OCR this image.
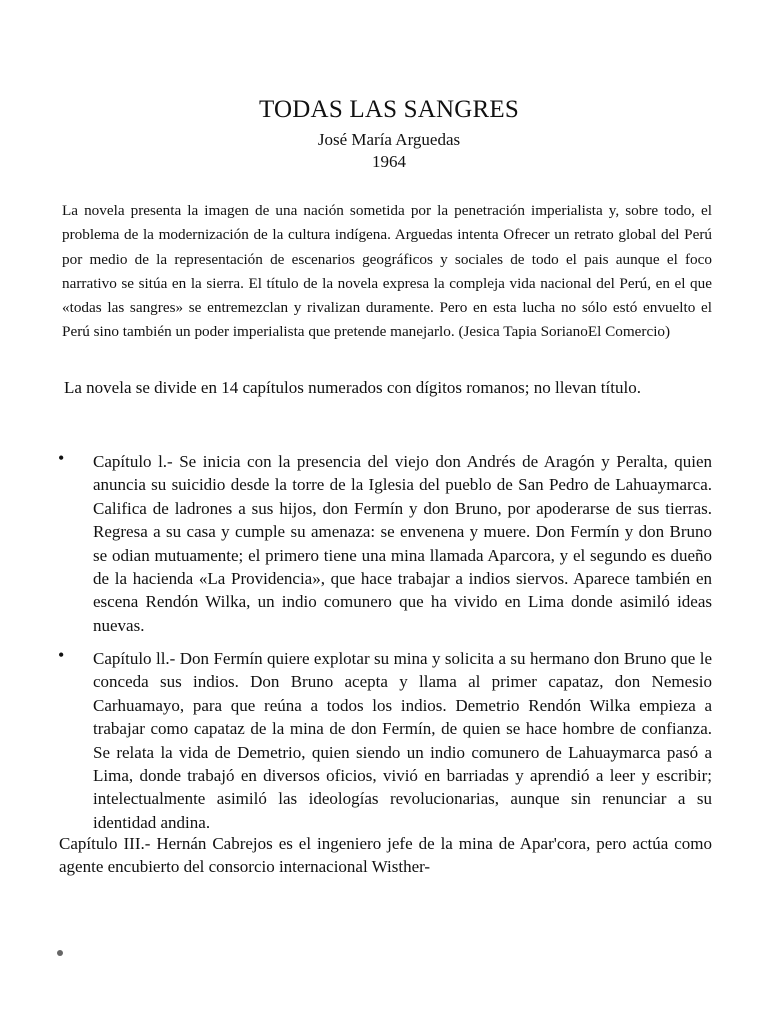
TODAS LAS SANGRES
José María Arguedas
1964

La novela presenta la imagen de una nación sometida por la penetración imperialista y, sobre todo, el problema de la modernización de la cultura indígena. Arguedas intenta Ofrecer un retrato global del Perú por medio de la representación de escenarios geográficos y sociales de todo el pais aunque el foco narrativo se sitúa en la sierra. El título de la novela expresa la compleja vida nacional del Perú, en el que «todas las sangres» se entremezclan y rivalizan duramente. Pero en esta lucha no sólo estó envuelto el Perú sino también un poder imperialista que pretende manejarlo. (Jesica Tapia SorianoEl Comercio)

La novela se divide en 14 capítulos numerados con dígitos romanos; no llevan título.

• Capítulo l.- Se inicia con la presencia del viejo don Andrés de Aragón y Peralta, quien anuncia su suicidio desde la torre de la Iglesia del pueblo de San Pedro de Lahuaymarca. Califica de ladrones a sus hijos, don Fermín y don Bruno, por apoderarse de sus tierras. Regresa a su casa y cumple su amenaza: se envenena y muere. Don Fermín y don Bruno se odian mutuamente; el primero tiene una mina llamada Aparcora, y el segundo es dueño de la hacienda «La Providencia», que hace trabajar a indios siervos. Aparece también en escena Rendón Wilka, un indio comunero que ha vivido en Lima donde asimiló ideas nuevas.

• Capítulo ll.- Don Fermín quiere explotar su mina y solicita a su hermano don Bruno que le conceda sus indios. Don Bruno acepta y llama al primer capataz, don Nemesio Carhuamayo, para que reúna a todos los indios. Demetrio Rendón Wilka empieza a trabajar como capataz de la mina de don Fermín, de quien se hace hombre de confianza. Se relata la vida de Demetrio, quien siendo un indio comunero de Lahuaymarca pasó a Lima, donde trabajó en diversos oficios, vivió en barriadas y aprendió a leer y escribir; intelectualmente asimiló las ideologías revolucionarias, aunque sin renunciar a su identidad andina.

Capítulo III.- Hernán Cabrejos es el ingeniero jefe de la mina de Apar'cora, pero actúa como agente encubierto del consorcio internacional Wisther-
